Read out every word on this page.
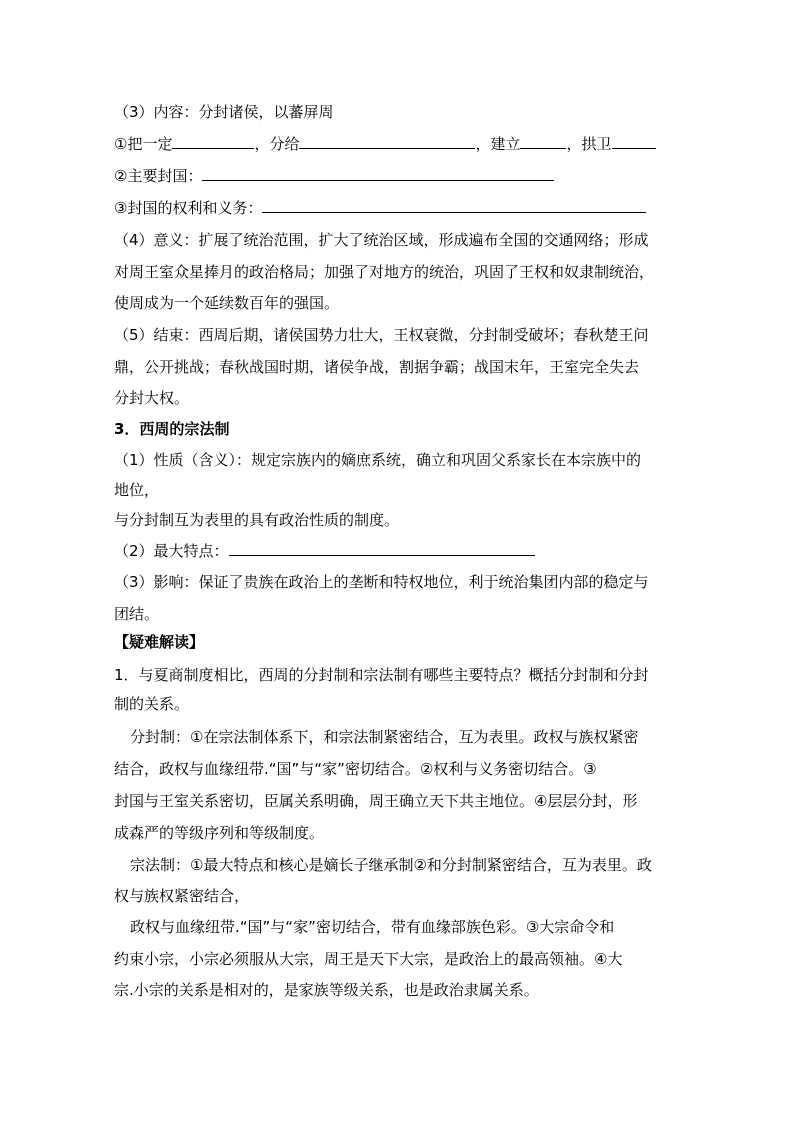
（3）内容：分封诸侯，以蕃屏周
①把一定	，分给	，建立	，拱卫
②主要封国：
③封国的权利和义务：
（4）意义：扩展了统治范围，扩大了统治区域，形成遍布全国的交通网络；形成
对周王室众星捧月的政治格局；加强了对地方的统治，巩固了王权和奴隶制统治，
使周成为一个延续数百年的强国。
（5）结束：西周后期，诸侯国势力壮大，王权衰微，分封制受破坏；春秋楚王问
鼎，公开挑战；春秋战国时期，诸侯争战，割据争霸；战国末年，王室完全失去
分封大权。
3．西周的宗法制
（1）性质（含义）：规定宗族内的嫡庶系统，确立和巩固父系家长在本宗族中的
地位，
与分封制互为表里的具有政治性质的制度。
（2）最大特点：
（3）影响：保证了贵族在政治上的垄断和特权地位，利于统治集团内部的稳定与
团结。
【疑难解读】
1．与夏商制度相比，西周的分封制和宗法制有哪些主要特点？概括分封制和分封
制的关系。
分封制：①在宗法制体系下，和宗法制紧密结合，互为表里。政权与族权紧密
结合，政权与血缘纽带.“国”与“家”密切结合。②权利与义务密切结合。③
封国与王室关系密切，臣属关系明确，周王确立天下共主地位。④层层分封，形
成森严的等级序列和等级制度。
宗法制：①最大特点和核心是嫡长子继承制②和分封制紧密结合，互为表里。政
权与族权紧密结合，
政权与血缘纽带.“国”与“家”密切结合，带有血缘部族色彩。③大宗命令和
约束小宗，小宗必须服从大宗，周王是天下大宗，是政治上的最高领袖。④大
宗.小宗的关系是相对的，是家族等级关系，也是政治隶属关系。
